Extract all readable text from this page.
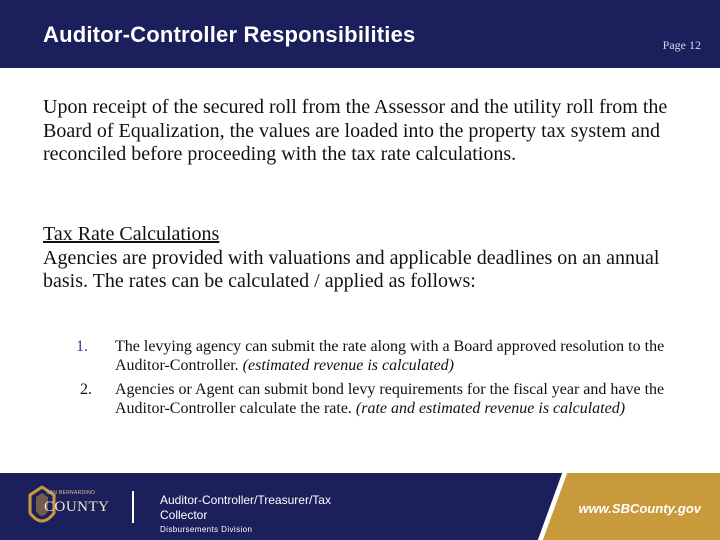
Auditor-Controller Responsibilities	Page 12
Upon receipt of the secured roll from the Assessor and the utility roll from the Board of Equalization, the values are loaded into the property tax system and reconciled before proceeding with the tax rate calculations.
Tax Rate Calculations
Agencies are provided with valuations and applicable deadlines on an annual basis. The rates can be calculated / applied as follows:
1. The levying agency can submit the rate along with a Board approved resolution to the Auditor-Controller. (estimated revenue is calculated)
2. Agencies or Agent can submit bond levy requirements for the fiscal year and have the Auditor-Controller calculate the rate. (rate and estimated revenue is calculated)
SAN BERNARDINO
COUNTY	Auditor-Controller/Treasurer/Tax Collector
Disbursements Division
www.SBCounty.gov
